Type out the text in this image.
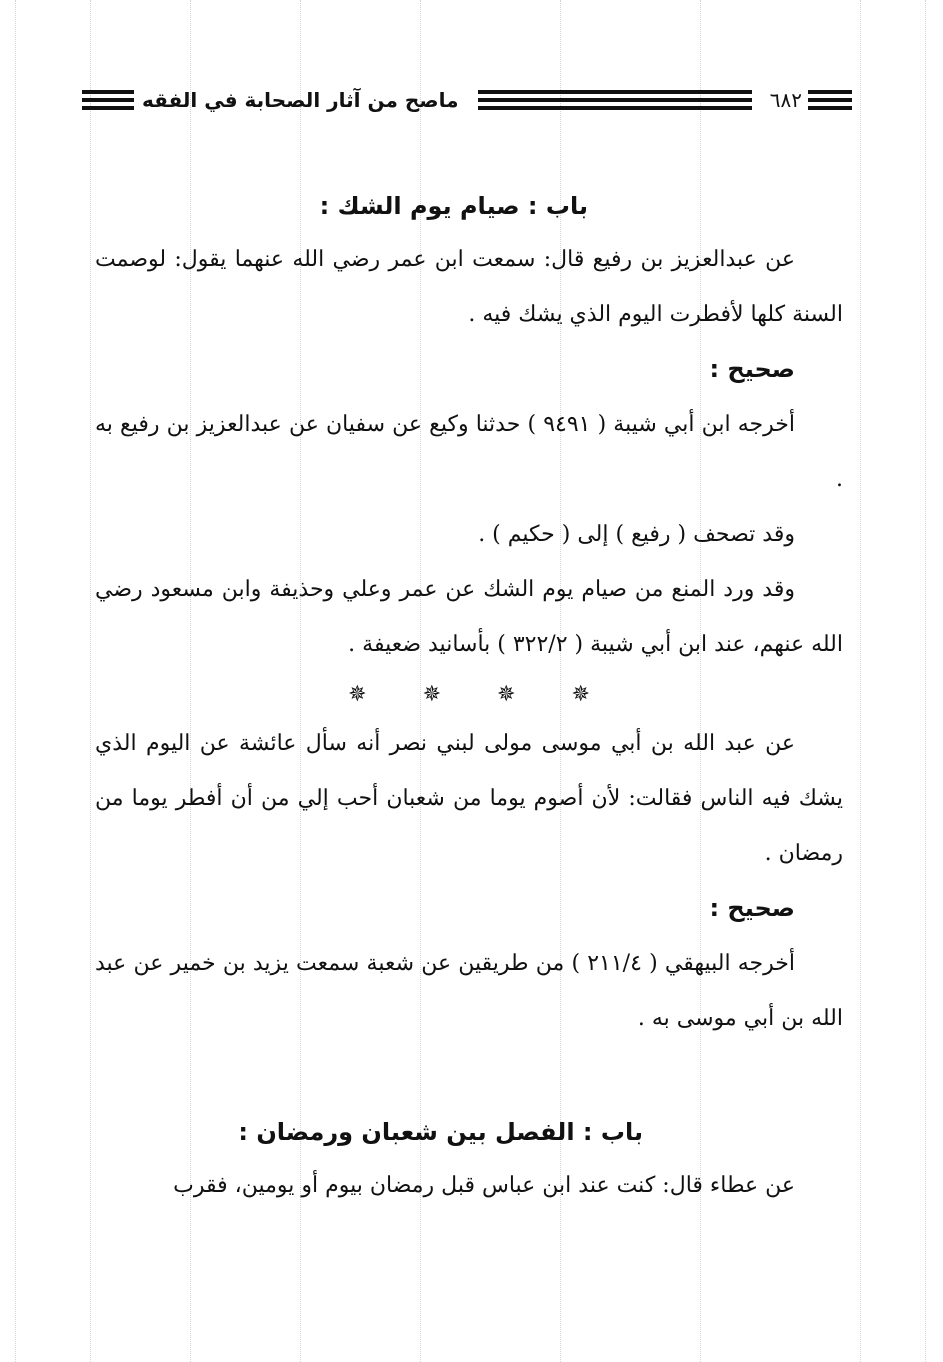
ماصح من آثار الصحابة في الفقه	٦٨٢

باب : صيام يوم الشك :

عن عبدالعزيز بن رفيع قال: سمعت ابن عمر رضي الله عنهما يقول: لوصمت السنة كلها لأفطرت اليوم الذي يشك فيه .

صحيح :

أخرجه ابن أبي شيبة ( ٩٤٩١ ) حدثنا وكيع عن سفيان عن عبدالعزيز بن رفيع به .

وقد تصحف ( رفيع ) إلى ( حكيم ) .

وقد ورد المنع من صيام يوم الشك عن عمر وعلي وحذيفة وابن مسعود رضي الله عنهم، عند ابن أبي شيبة ( ٣٢٢/٢ ) بأسانيد ضعيفة .

✵	✵	✵	✵

عن عبد الله بن أبي موسى مولى لبني نصر أنه سأل عائشة عن اليوم الذي يشك فيه الناس فقالت: لأن أصوم يوما من شعبان أحب إلي من أن أفطر يوما من رمضان .

صحيح :

أخرجه البيهقي ( ٢١١/٤ ) من طريقين عن شعبة سمعت يزيد بن خمير عن عبد الله بن أبي موسى به .

باب : الفصل بين شعبان ورمضان :

عن عطاء قال: كنت عند ابن عباس قبل رمضان بيوم أو يومين، فقرب
